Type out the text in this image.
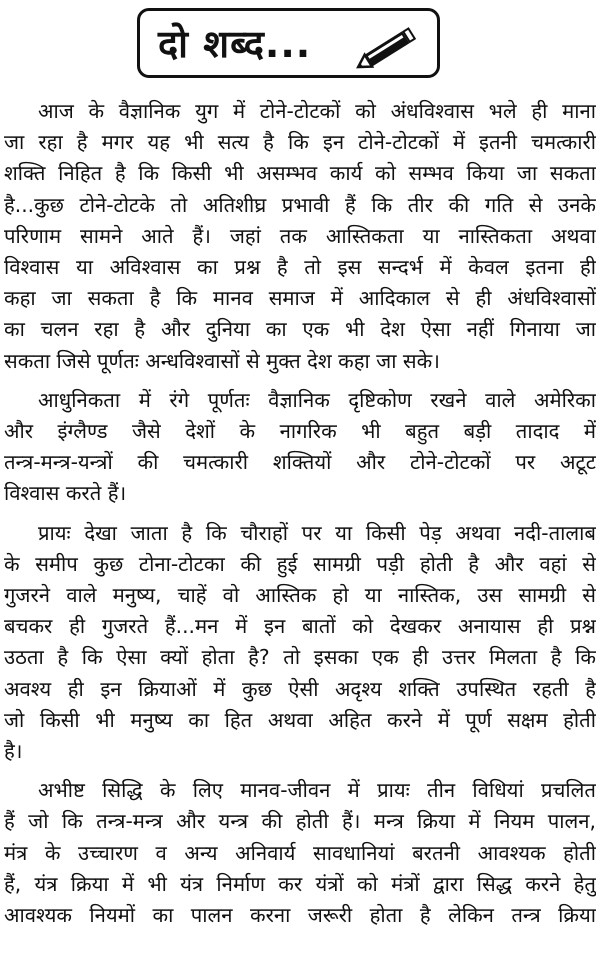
दो शब्द...
आज के वैज्ञानिक युग में टोने-टोटकों को अंधविश्वास भले ही माना
जा रहा है मगर यह भी सत्य है कि इन टोने-टोटकों में इतनी चमत्कारी
शक्ति निहित है कि किसी भी असम्भव कार्य को सम्भव किया जा सकता
है...कुछ टोने-टोटके तो अतिशीघ्र प्रभावी हैं कि तीर की गति से उनके
परिणाम सामने आते हैं। जहां तक आस्तिकता या नास्तिकता अथवा
विश्वास या अविश्वास का प्रश्न है तो इस सन्दर्भ में केवल इतना ही
कहा जा सकता है कि मानव समाज में आदिकाल से ही अंधविश्वासों
का चलन रहा है और दुनिया का एक भी देश ऐसा नहीं गिनाया जा
सकता जिसे पूर्णतः अन्धविश्वासों से मुक्त देश कहा जा सके।
आधुनिकता में रंगे पूर्णतः वैज्ञानिक दृष्टिकोण रखने वाले अमेरिका
और इंग्लैण्ड जैसे देशों के नागरिक भी बहुत बड़ी तादाद में
तन्त्र-मन्त्र-यन्त्रों की चमत्कारी शक्तियों और टोने-टोटकों पर अटूट
विश्वास करते हैं।
प्रायः देखा जाता है कि चौराहों पर या किसी पेड़ अथवा नदी-तालाब
के समीप कुछ टोना-टोटका की हुई सामग्री पड़ी होती है और वहां से
गुजरने वाले मनुष्य, चाहें वो आस्तिक हो या नास्तिक, उस सामग्री से
बचकर ही गुजरते हैं...मन में इन बातों को देखकर अनायास ही प्रश्न
उठता है कि ऐसा क्यों होता है? तो इसका एक ही उत्तर मिलता है कि
अवश्य ही इन क्रियाओं में कुछ ऐसी अदृश्य शक्ति उपस्थित रहती है
जो किसी भी मनुष्य का हित अथवा अहित करने में पूर्ण सक्षम होती
है।
अभीष्ट सिद्धि के लिए मानव-जीवन में प्रायः तीन विधियां प्रचलित
हैं जो कि तन्त्र-मन्त्र और यन्त्र की होती हैं। मन्त्र क्रिया में नियम पालन,
मंत्र के उच्चारण व अन्य अनिवार्य सावधानियां बरतनी आवश्यक होती
हैं, यंत्र क्रिया में भी यंत्र निर्माण कर यंत्रों को मंत्रों द्वारा सिद्ध करने हेतु
आवश्यक नियमों का पालन करना जरूरी होता है लेकिन तन्त्र क्रिया
